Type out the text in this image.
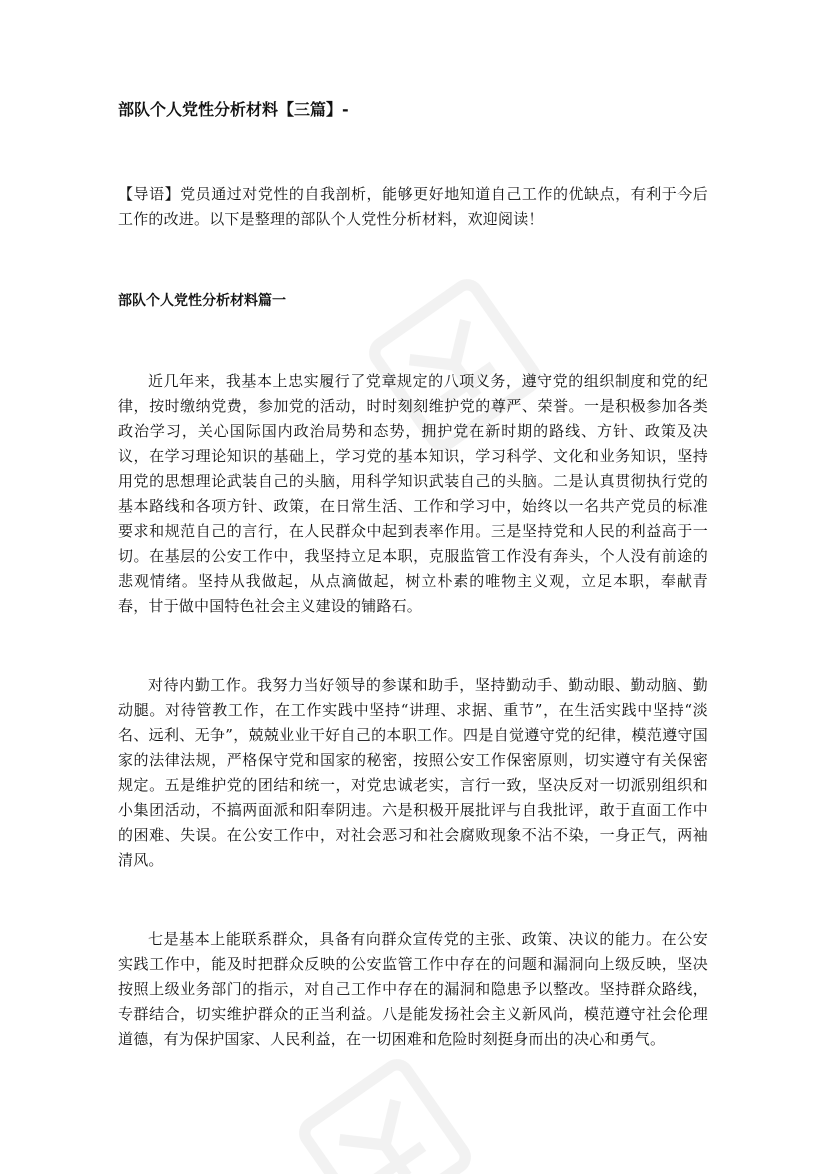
部队个人党性分析材料【三篇】-

【导语】党员通过对党性的自我剖析，能够更好地知道自己工作的优缺点，有利于今后工作的改进。以下是整理的部队个人党性分析材料，欢迎阅读！

部队个人党性分析材料篇一

近几年来，我基本上忠实履行了党章规定的八项义务，遵守党的组织制度和党的纪律，按时缴纳党费，参加党的活动，时时刻刻维护党的尊严、荣誉。一是积极参加各类政治学习，关心国际国内政治局势和态势，拥护党在新时期的路线、方针、政策及决议，在学习理论知识的基础上，学习党的基本知识，学习科学、文化和业务知识，坚持用党的思想理论武装自己的头脑，用科学知识武装自己的头脑。二是认真贯彻执行党的基本路线和各项方针、政策，在日常生活、工作和学习中，始终以一名共产党员的标准要求和规范自己的言行，在人民群众中起到表率作用。三是坚持党和人民的利益高于一切。在基层的公安工作中，我坚持立足本职，克服监管工作没有奔头，个人没有前途的悲观情绪。坚持从我做起，从点滴做起，树立朴素的唯物主义观，立足本职，奉献青春，甘于做中国特色社会主义建设的铺路石。

对待内勤工作。我努力当好领导的参谋和助手，坚持勤动手、勤动眼、勤动脑、勤动腿。对待管教工作，在工作实践中坚持“讲理、求据、重节”，在生活实践中坚持“淡名、远利、无争”，兢兢业业干好自己的本职工作。四是自觉遵守党的纪律，模范遵守国家的法律法规，严格保守党和国家的秘密，按照公安工作保密原则，切实遵守有关保密规定。五是维护党的团结和统一，对党忠诚老实，言行一致，坚决反对一切派别组织和小集团活动，不搞两面派和阳奉阴违。六是积极开展批评与自我批评，敢于直面工作中的困难、失误。在公安工作中，对社会恶习和社会腐败现象不沾不染，一身正气，两袖清风。

七是基本上能联系群众，具备有向群众宣传党的主张、政策、决议的能力。在公安实践工作中，能及时把群众反映的公安监管工作中存在的问题和漏洞向上级反映，坚决按照上级业务部门的指示，对自己工作中存在的漏洞和隐患予以整改。坚持群众路线，专群结合，切实维护群众的正当利益。八是能发扬社会主义新风尚，模范遵守社会伦理道德，有为保护国家、人民利益，在一切困难和危险时刻挺身而出的决心和勇气。
